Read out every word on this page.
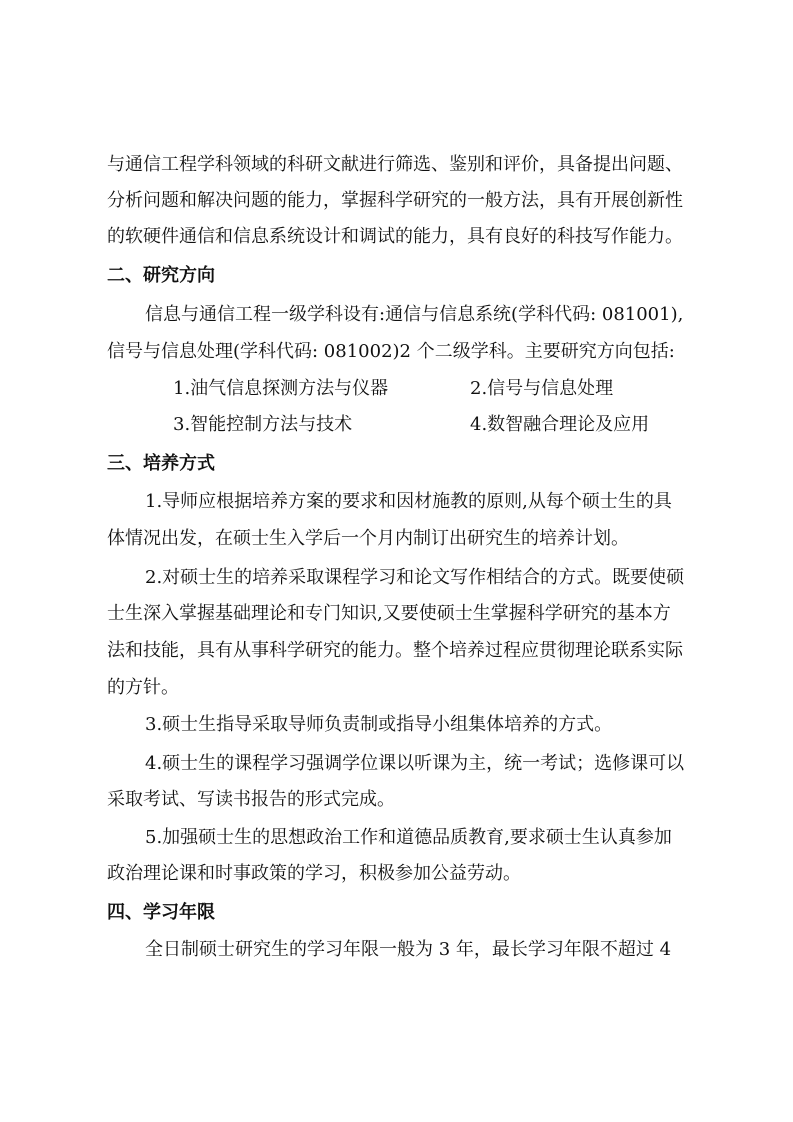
与通信工程学科领域的科研文献进行筛选、鉴别和评价，具备提出问题、
分析问题和解决问题的能力，掌握科学研究的一般方法，具有开展创新性
的软硬件通信和信息系统设计和调试的能力，具有良好的科技写作能力。
二、研究方向
信息与通信工程一级学科设有:通信与信息系统(学科代码: 081001),
信号与信息处理(学科代码: 081002)2 个二级学科。主要研究方向包括:
1.油气信息探测方法与仪器	2.信号与信息处理
3.智能控制方法与技术	4.数智融合理论及应用
三、培养方式
1.导师应根据培养方案的要求和因材施教的原则,从每个硕士生的具
体情况出发，在硕士生入学后一个月内制订出研究生的培养计划。
2.对硕士生的培养采取课程学习和论文写作相结合的方式。既要使硕
士生深入掌握基础理论和专门知识,又要使硕士生掌握科学研究的基本方
法和技能，具有从事科学研究的能力。整个培养过程应贯彻理论联系实际
的方针。
3.硕士生指导采取导师负责制或指导小组集体培养的方式。
4.硕士生的课程学习强调学位课以听课为主，统一考试；选修课可以
采取考试、写读书报告的形式完成。
5.加强硕士生的思想政治工作和道德品质教育,要求硕士生认真参加
政治理论课和时事政策的学习，积极参加公益劳动。
四、学习年限
全日制硕士研究生的学习年限一般为 3 年，最长学习年限不超过 4
